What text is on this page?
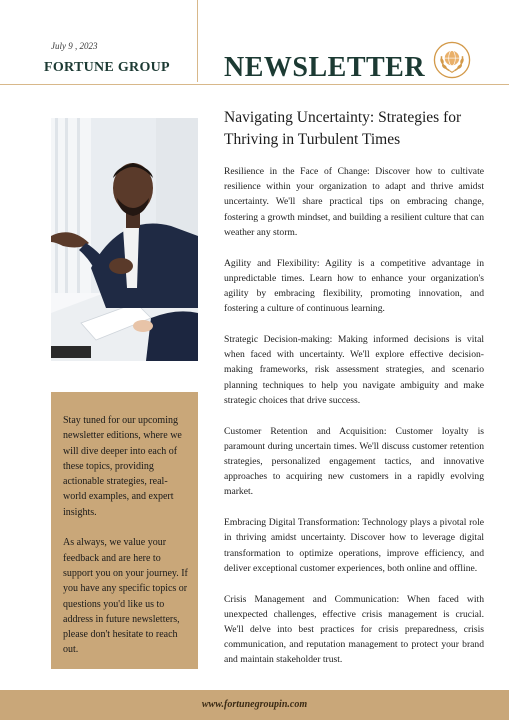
July 9 , 2023
FORTUNE GROUP NEWSLETTER

Stay tuned for our upcoming newsletter editions, where we will dive deeper into each of these topics, providing actionable strategies, real-world examples, and expert insights.

As always, we value your feedback and are here to support you on your journey. If you have any specific topics or questions you'd like us to address in future newsletters, please don't hesitate to reach out.

Navigating Uncertainty: Strategies for Thriving in Turbulent Times

Resilience in the Face of Change: Discover how to cultivate resilience within your organization to adapt and thrive amidst uncertainty. We'll share practical tips on embracing change, fostering a growth mindset, and building a resilient culture that can weather any storm.

Agility and Flexibility: Agility is a competitive advantage in unpredictable times. Learn how to enhance your organization's agility by embracing flexibility, promoting innovation, and fostering a culture of continuous learning.

Strategic Decision-making: Making informed decisions is vital when faced with uncertainty. We'll explore effective decision-making frameworks, risk assessment strategies, and scenario planning techniques to help you navigate ambiguity and make strategic choices that drive success.

Customer Retention and Acquisition: Customer loyalty is paramount during uncertain times. We'll discuss customer retention strategies, personalized engagement tactics, and innovative approaches to acquiring new customers in a rapidly evolving market.

Embracing Digital Transformation: Technology plays a pivotal role in thriving amidst uncertainty. Discover how to leverage digital transformation to optimize operations, improve efficiency, and deliver exceptional customer experiences, both online and offline.

Crisis Management and Communication: When faced with unexpected challenges, effective crisis management is crucial. We'll delve into best practices for crisis preparedness, crisis communication, and reputation management to protect your brand and maintain stakeholder trust.

www.fortunegroupin.com
